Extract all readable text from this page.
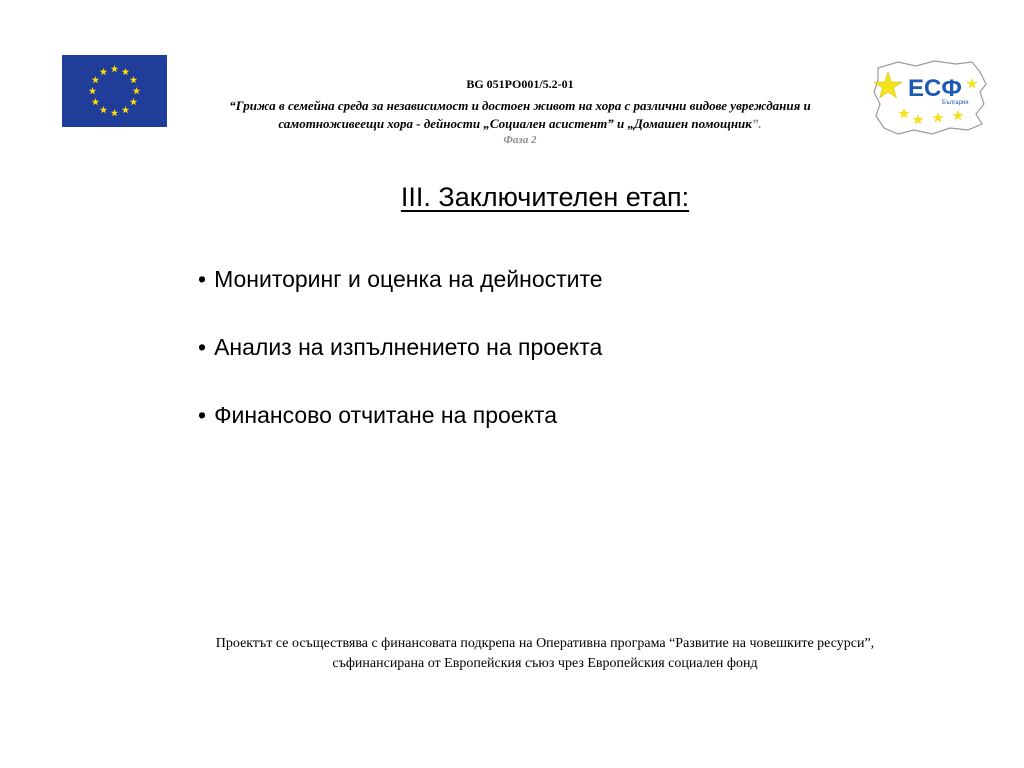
ЕСФ
България
BG 051PO001/5.2-01
“Грижа в семейна среда за независимост и достоен живот на хора с различни видове увреждания и
самотноживеещи хора - дейности „Социален асистент” и „Домашен помощник”.
Фаза 2
III. Заключителен етап:
• Мониторинг и оценка на дейностите
• Анализ на изпълнението на проекта
• Финансово отчитане на проекта
Проектът се осъществява с финансовата подкрепа на Оперативна програма “Развитие на човешките ресурси”,
съфинансирана от Европейския съюз чрез Европейския социален фонд
